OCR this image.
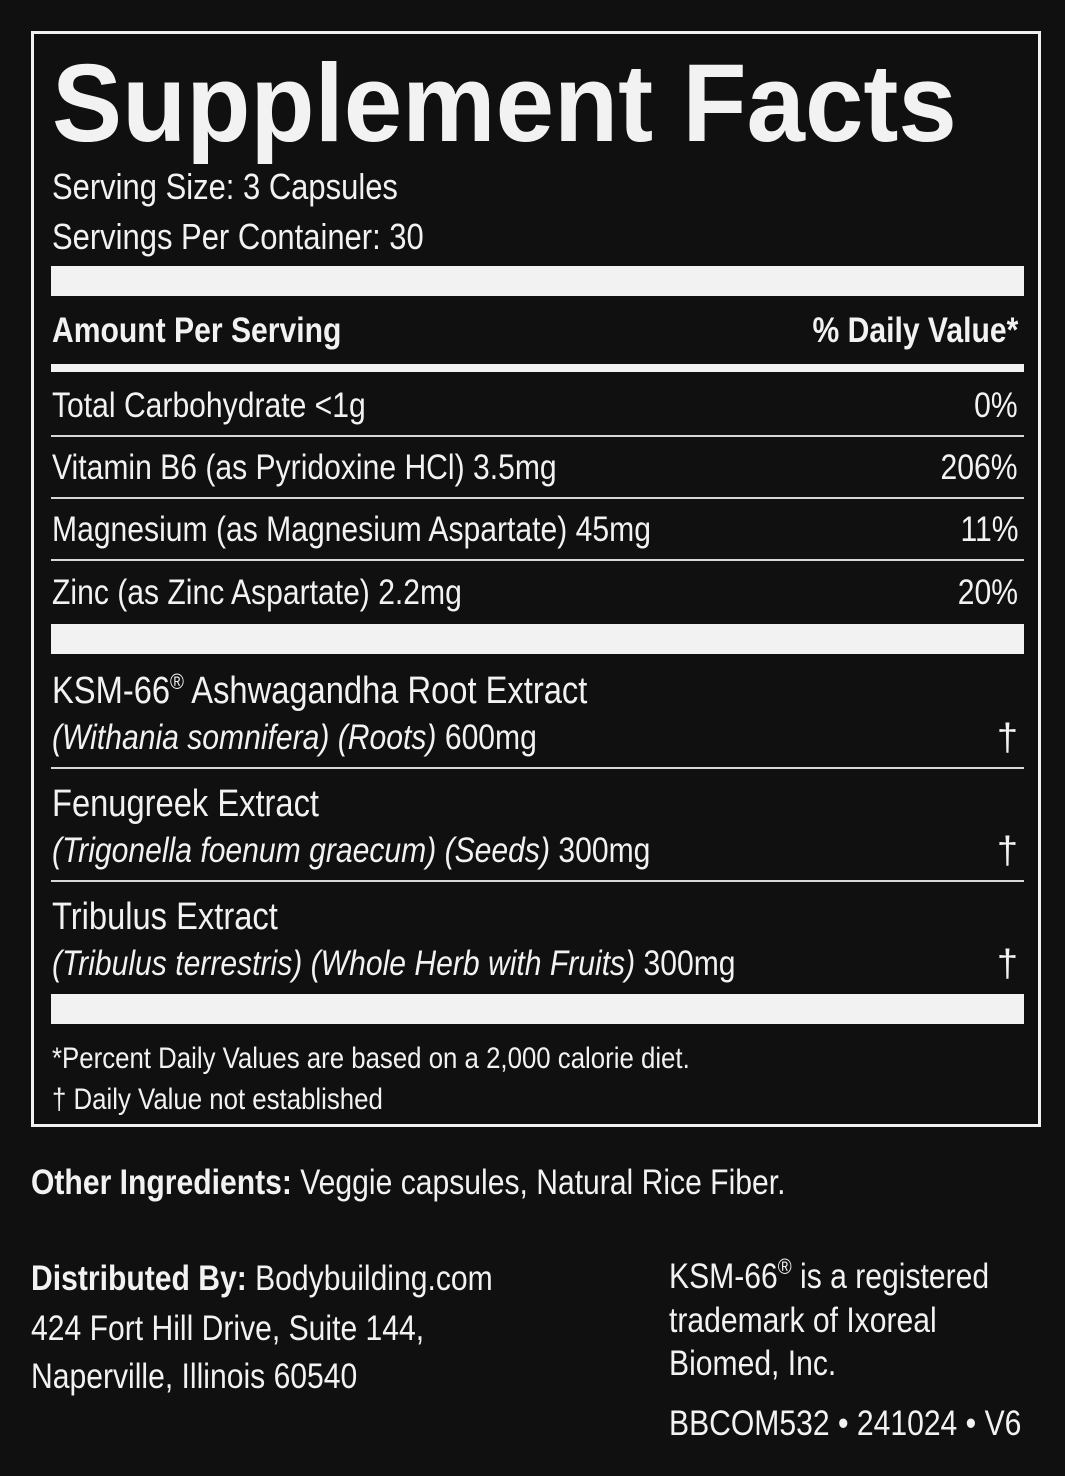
Supplement Facts
Serving Size: 3 Capsules
Servings Per Container: 30
Amount Per Serving	% Daily Value*
Total Carbohydrate <1g	0%
Vitamin B6 (as Pyridoxine HCl) 3.5mg	206%
Magnesium (as Magnesium Aspartate) 45mg	11%
Zinc (as Zinc Aspartate) 2.2mg	20%
KSM-66® Ashwagandha Root Extract
(Withania somnifera) (Roots) 600mg	†
Fenugreek Extract
(Trigonella foenum graecum) (Seeds) 300mg	†
Tribulus Extract
(Tribulus terrestris) (Whole Herb with Fruits) 300mg	†
*Percent Daily Values are based on a 2,000 calorie diet.
† Daily Value not established
Other Ingredients: Veggie capsules, Natural Rice Fiber.
Distributed By: Bodybuilding.com
424 Fort Hill Drive, Suite 144,
Naperville, Illinois 60540
KSM-66® is a registered
trademark of Ixoreal
Biomed, Inc.
BBCOM532 • 241024 • V6
